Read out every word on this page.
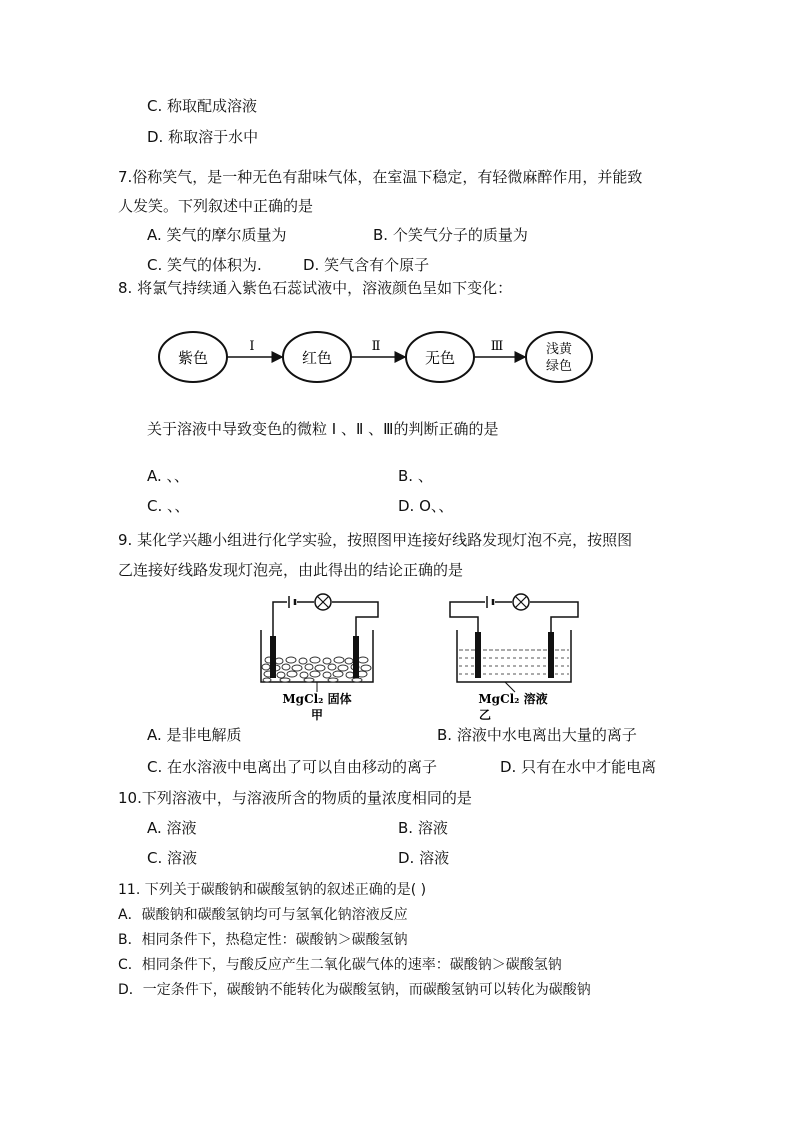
C. 称取配成溶液
D. 称取溶于水中
7.俗称笑气，是一种无色有甜味气体，在室温下稳定，有轻微麻醉作用，并能致
人发笑。下列叙述中正确的是
A. 笑气的摩尔质量为	B. 个笑气分子的质量为
C. 笑气的体积为.	D. 笑气含有个原子
8. 将氯气持续通入紫色石蕊试液中，溶液颜色呈如下变化：
紫色
I
红色
Ⅱ
无色
Ⅲ	浅黄
绿色
关于溶液中导致变色的微粒 I 、Ⅱ 、Ⅲ的判断正确的是
A. 、、	B. 、
C. 、、	D. O、、
9. 某化学兴趣小组进行化学实验，按照图甲连接好线路发现灯泡不亮，按照图
乙连接好线路发现灯泡亮，由此得出的结论正确的是
MgCl₂ 固体
甲
MgCl₂ 溶液
乙
A. 是非电解质	B. 溶液中水电离出大量的离子
C. 在水溶液中电离出了可以自由移动的离子	D. 只有在水中才能电离
10.下列溶液中，与溶液所含的物质的量浓度相同的是
A. 溶液	B. 溶液
C. 溶液	D. 溶液
11. 下列关于碳酸钠和碳酸氢钠的叙述正确的是( )
A．碳酸钠和碳酸氢钠均可与氢氧化钠溶液反应
B．相同条件下，热稳定性：碳酸钠＞碳酸氢钠
C．相同条件下，与酸反应产生二氧化碳气体的速率：碳酸钠＞碳酸氢钠
D．一定条件下，碳酸钠不能转化为碳酸氢钠，而碳酸氢钠可以转化为碳酸钠
